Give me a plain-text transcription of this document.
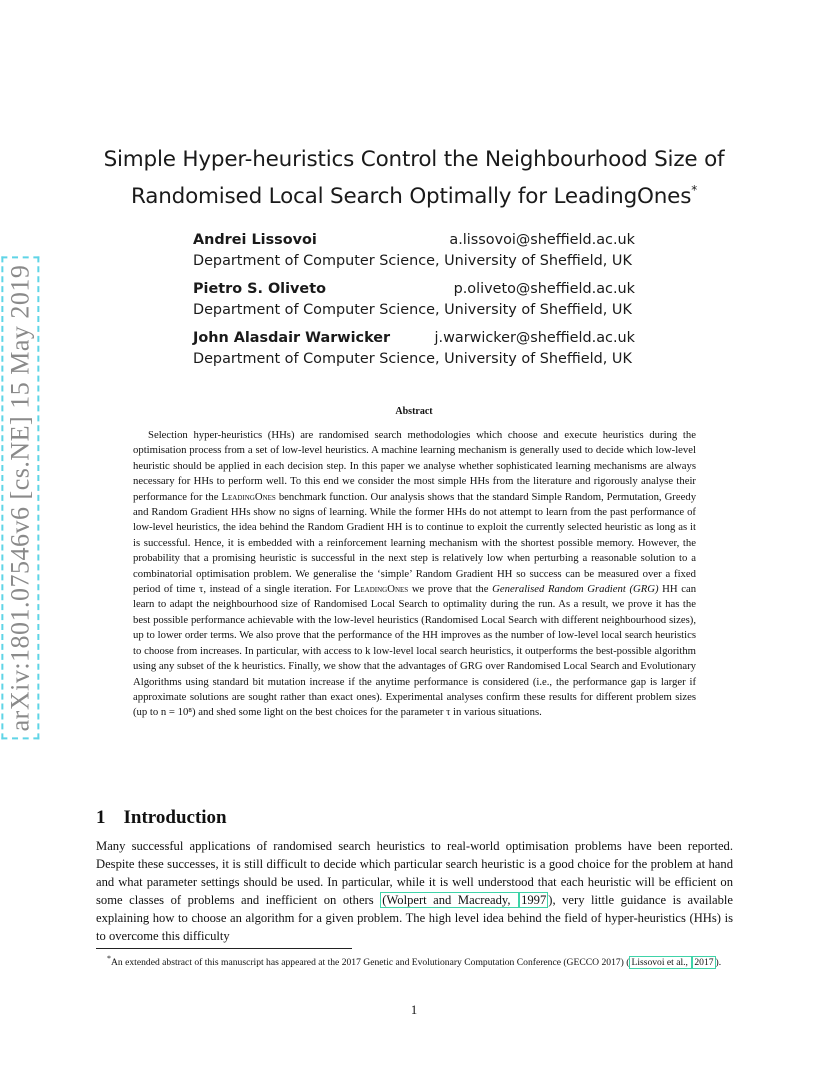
arXiv:1801.07546v6 [cs.NE] 15 May 2019
Simple Hyper-heuristics Control the Neighbourhood Size of
Randomised Local Search Optimally for LeadingOnes*
Andrei Lissovoi	a.lissovoi@sheffield.ac.uk
Department of Computer Science, University of Sheffield, UK
Pietro S. Oliveto	p.oliveto@sheffield.ac.uk
Department of Computer Science, University of Sheffield, UK
John Alasdair Warwicker	j.warwicker@sheffield.ac.uk
Department of Computer Science, University of Sheffield, UK
Abstract
Selection hyper-heuristics (HHs) are randomised search methodologies which choose and execute heuristics during the optimisation process from a set of low-level heuristics. A machine learning mechanism is generally used to decide which low-level heuristic should be applied in each decision step. In this paper we analyse whether sophisticated learning mechanisms are always necessary for HHs to perform well. To this end we consider the most simple HHs from the literature and rigorously analyse their performance for the LeadingOnes benchmark function. Our analysis shows that the standard Simple Random, Permutation, Greedy and Random Gradient HHs show no signs of learning. While the former HHs do not attempt to learn from the past performance of low-level heuristics, the idea behind the Random Gradient HH is to continue to exploit the currently selected heuristic as long as it is successful. Hence, it is embedded with a reinforcement learning mechanism with the shortest possible memory. However, the probability that a promising heuristic is successful in the next step is relatively low when perturbing a reasonable solution to a combinatorial optimisation problem. We generalise the ‘simple’ Random Gradient HH so success can be measured over a fixed period of time τ, instead of a single iteration. For LeadingOnes we prove that the Generalised Random Gradient (GRG) HH can learn to adapt the neighbourhood size of Randomised Local Search to optimality during the run. As a result, we prove it has the best possible performance achievable with the low-level heuristics (Randomised Local Search with different neighbourhood sizes), up to lower order terms. We also prove that the performance of the HH improves as the number of low-level local search heuristics to choose from increases. In particular, with access to k low-level local search heuristics, it outperforms the best-possible algorithm using any subset of the k heuristics. Finally, we show that the advantages of GRG over Randomised Local Search and Evolutionary Algorithms using standard bit mutation increase if the anytime performance is considered (i.e., the performance gap is larger if approximate solutions are sought rather than exact ones). Experimental analyses confirm these results for different problem sizes (up to n = 10⁸) and shed some light on the best choices for the parameter τ in various situations.
1 Introduction
Many successful applications of randomised search heuristics to real-world optimisation problems have been reported. Despite these successes, it is still difficult to decide which particular search heuristic is a good choice for the problem at hand and what parameter settings should be used. In particular, while it is well understood that each heuristic will be efficient on some classes of problems and inefficient on others (Wolpert and Macready, 1997 ), very little guidance is available explaining how to choose an algorithm for a given problem. The high level idea behind the field of hyper-heuristics (HHs) is to overcome this difficulty
*An extended abstract of this manuscript has appeared at the 2017 Genetic and Evolutionary Computation Conference (GECCO 2017) ( Lissovoi et al., 2017 ).
1
